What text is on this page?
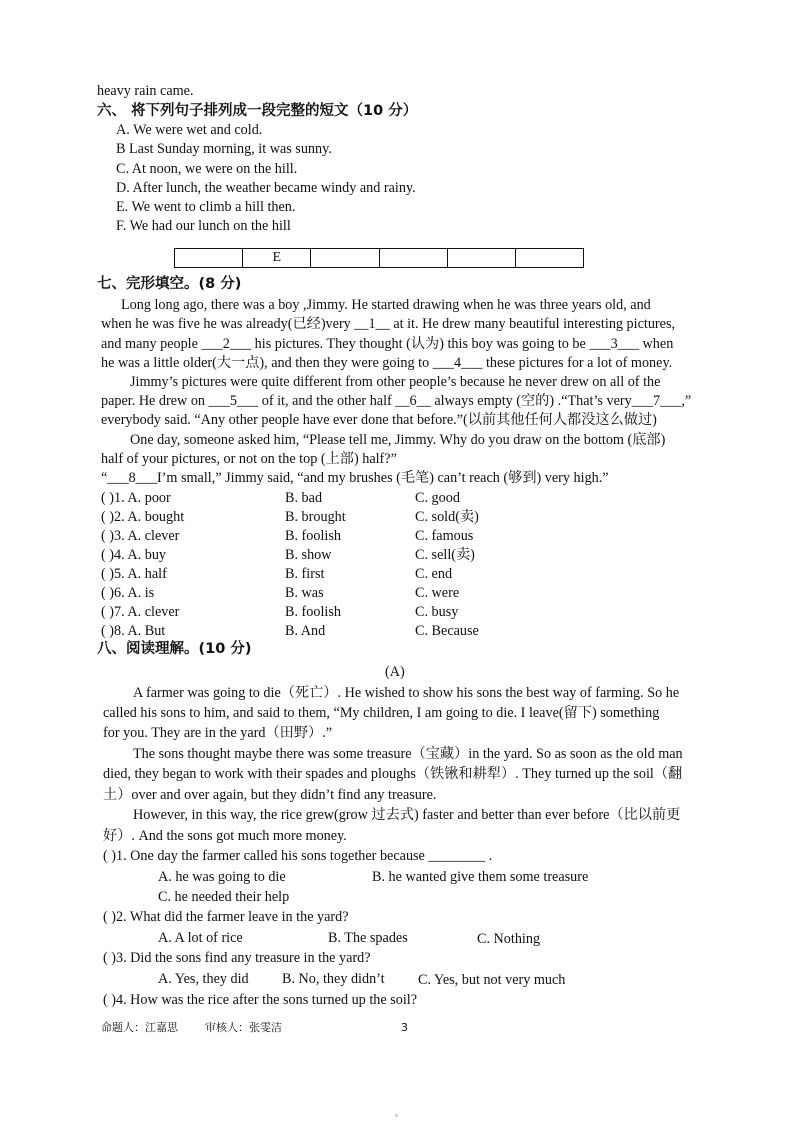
heavy rain came.
六、 将下列句子排列成一段完整的短文（10 分）
A. We were wet and cold.
B Last Sunday morning, it was sunny.
C. At noon, we were on the hill.
D. After lunch, the weather became windy and rainy.
E. We went to climb a hill then.
F. We had our lunch on the hill
E
七、完形填空。(8 分)
Long long ago, there was a boy ,Jimmy. He started drawing when he was three years old, and
when he was five he was already(已经)very __1__ at it. He drew many beautiful interesting pictures,
and many people ___2___ his pictures. They thought (认为) this boy was going to be ___3___ when
he was a little older(大一点), and then they were going to ___4___ these pictures for a lot of money.
Jimmy’s pictures were quite different from other people’s because he never drew on all of the
paper. He drew on ___5___ of it, and the other half __6__ always empty (空的) .“That’s very___7___,”
everybody said. “Any other people have ever done that before.”(以前其他任何人都没这么做过)
One day, someone asked him, “Please tell me, Jimmy. Why do you draw on the bottom (底部)
half of your pictures, or not on the top (上部) half?”
“___8___I’m small,” Jimmy said, “and my brushes (毛笔) can’t reach (够到) very high.”
( )1. A. poor	B. bad	C. good
( )2. A. bought	B. brought	C. sold(卖)
( )3. A. clever	B. foolish	C. famous
( )4. A. buy	B. show	C. sell(卖)
( )5. A. half	B. first	C. end
( )6. A. is	B. was	C. were
( )7. A. clever	B. foolish	C. busy
( )8. A. But	B. And	C. Because
八、阅读理解。(10 分)
(A)
A farmer was going to die（死亡）. He wished to show his sons the best way of farming. So he
called his sons to him, and said to them, “My children, I am going to die. I leave(留下) something
for you. They are in the yard（田野）.”
The sons thought maybe there was some treasure（宝藏）in the yard. So as soon as the old man
died, they began to work with their spades and ploughs（铁锹和耕犁）. They turned up the soil（翻
土）over and over again, but they didn’t find any treasure.
However, in this way, the rice grew(grow 过去式) faster and better than ever before（比以前更
好）. And the sons got much more money.
( )1. One day the farmer called his sons together because ________ .
A. he was going to die	B. he wanted give them some treasure
C. he needed their help
( )2. What did the farmer leave in the yard?
A. A lot of rice	B. The spades	C. Nothing
( )3. Did the sons find any treasure in the yard?
A. Yes, they did B. No, they didn’t C. Yes, but not very much
( )4. How was the rice after the sons turned up the soil?
命题人：江嘉思 审核人：张雯洁	3
